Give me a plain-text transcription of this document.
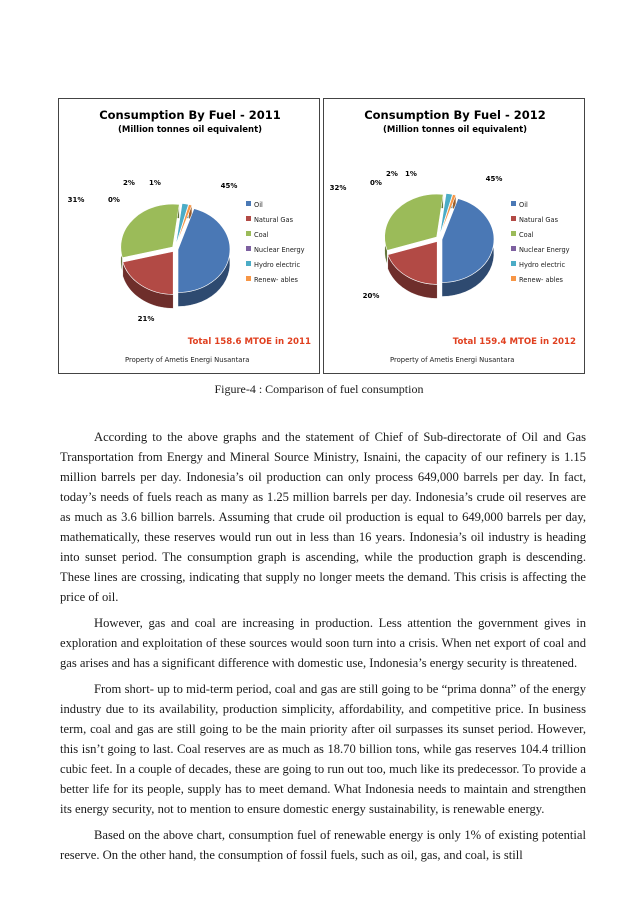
Consumption By Fuel - 2011
(Million tonnes oil equivalent)
45%
21%
31%	0%
2% 1%
Oil
Natural Gas
Coal
Nuclear Energy
Hydro electric
Renew- ables
Total 158.6 MTOE in 2011
Property of Ametis Energi Nusantara
Consumption By Fuel - 2012
(Million tonnes oil equivalent)
45%
20%
32%
0%
2% 1%
Oil
Natural Gas
Coal
Nuclear Energy
Hydro electric
Renew- ables
Total 159.4 MTOE in 2012
Property of Ametis Energi Nusantara
Figure-4 : Comparison of fuel consumption

According to the above graphs and the statement of Chief of Sub-directorate of Oil and Gas Transportation from Energy and Mineral Source Ministry, Isnaini, the capacity of our refinery is 1.15 million barrels per day. Indonesia’s oil production can only process 649,000 barrels per day. In fact, today’s needs of fuels reach as many as 1.25 million barrels per day. Indonesia’s crude oil reserves are as much as 3.6 billion barrels. Assuming that crude oil production is equal to 649,000 barrels per day, mathematically, these reserves would run out in less than 16 years. Indonesia’s oil industry is heading into sunset period. The consumption graph is ascending, while the production graph is descending. These lines are crossing, indicating that supply no longer meets the demand. This crisis is affecting the price of oil.

However, gas and coal are increasing in production. Less attention the government gives in exploration and exploitation of these sources would soon turn into a crisis. When net export of coal and gas arises and has a significant difference with domestic use, Indonesia’s energy security is threatened.

From short- up to mid-term period, coal and gas are still going to be “prima donna” of the energy industry due to its availability, production simplicity, affordability, and competitive price. In business term, coal and gas are still going to be the main priority after oil surpasses its sunset period. However, this isn’t going to last. Coal reserves are as much as 18.70 billion tons, while gas reserves 104.4 trillion cubic feet. In a couple of decades, these are going to run out too, much like its predecessor. To provide a better life for its people, supply has to meet demand. What Indonesia needs to maintain and strengthen its energy security, not to mention to ensure domestic energy sustainability, is renewable energy.

Based on the above chart, consumption fuel of renewable energy is only 1% of existing potential reserve. On the other hand, the consumption of fossil fuels, such as oil, gas, and coal, is still
